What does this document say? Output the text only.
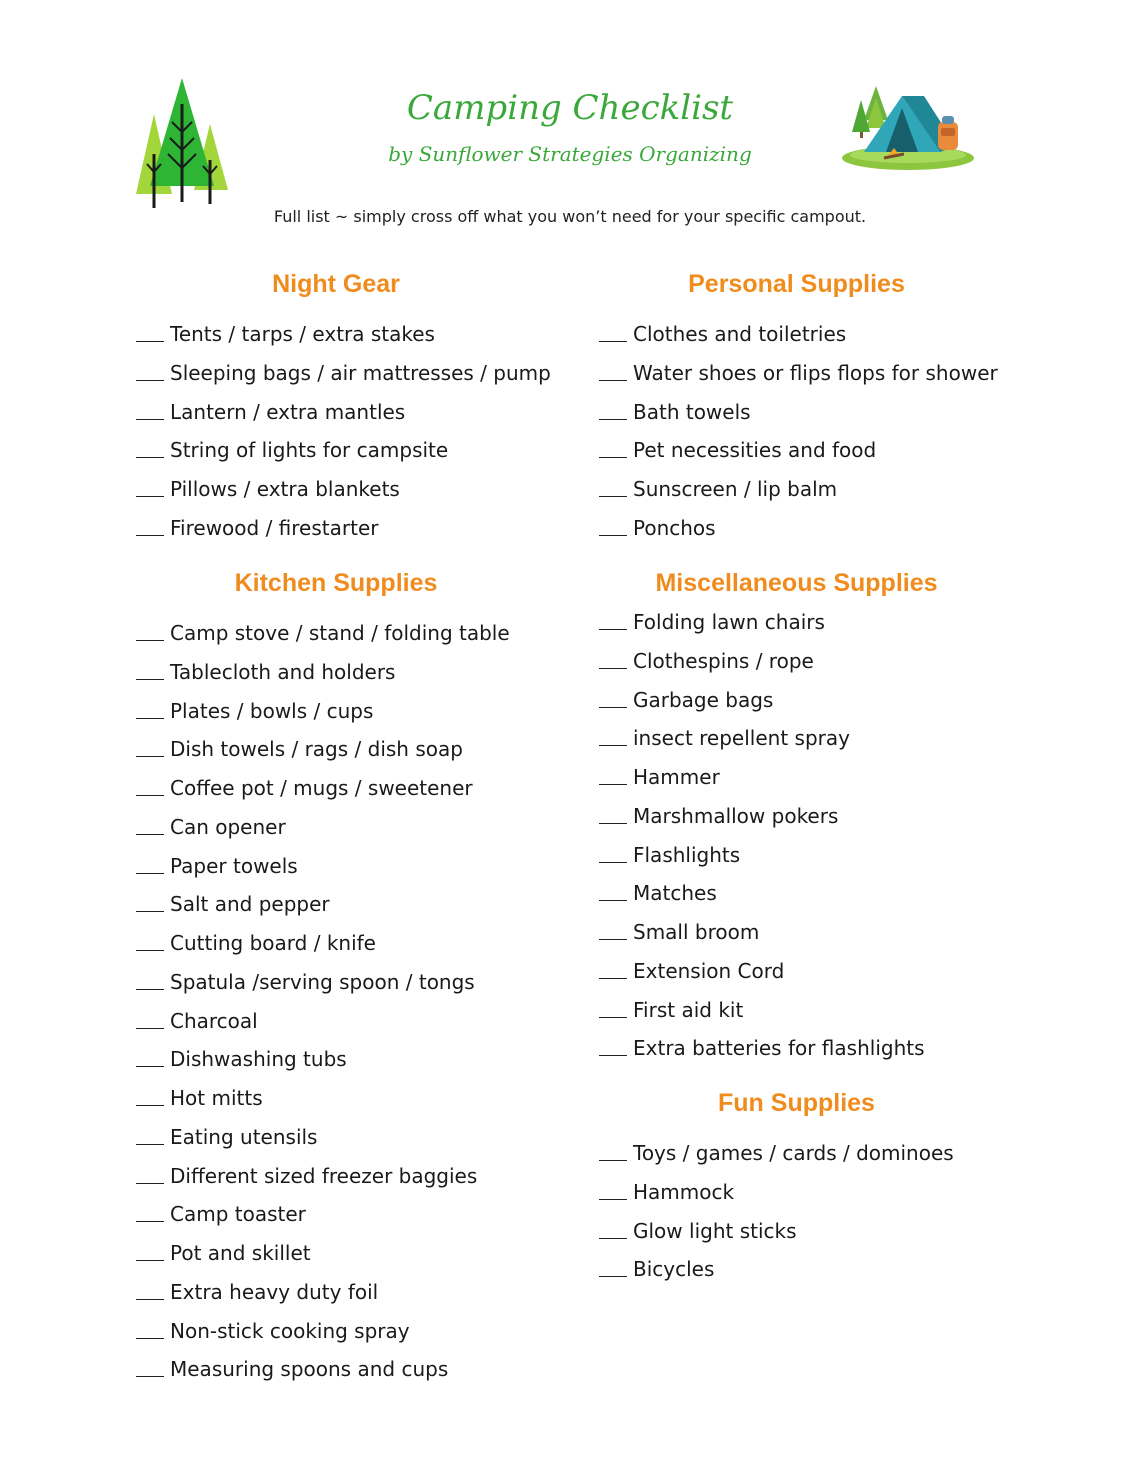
Camping Checklist
by Sunflower Strategies Organizing
Full list ~ simply cross off what you won’t need for your specific campout.
Night Gear
Tents / tarps / extra stakes
Sleeping bags / air mattresses / pump
Lantern / extra mantles
String of lights for campsite
Pillows / extra blankets
Firewood / firestarter
Personal Supplies
Clothes and toiletries
Water shoes or flips flops for shower
Bath towels
Pet necessities and food
Sunscreen / lip balm
Ponchos
Kitchen Supplies
Camp stove / stand / folding table
Tablecloth and holders
Plates / bowls / cups
Dish towels / rags / dish soap
Coffee pot / mugs / sweetener
Can opener
Paper towels
Salt and pepper
Cutting board / knife
Spatula /serving spoon / tongs
Charcoal
Dishwashing tubs
Hot mitts
Eating utensils
Different sized freezer baggies
Camp toaster
Pot and skillet
Extra heavy duty foil
Non-stick cooking spray
Measuring spoons and cups
Miscellaneous Supplies
Folding lawn chairs
Clothespins / rope
Garbage bags
insect repellent spray
Hammer
Marshmallow pokers
Flashlights
Matches
Small broom
Extension Cord
First aid kit
Extra batteries for flashlights
Fun Supplies
Toys / games / cards / dominoes
Hammock
Glow light sticks
Bicycles
